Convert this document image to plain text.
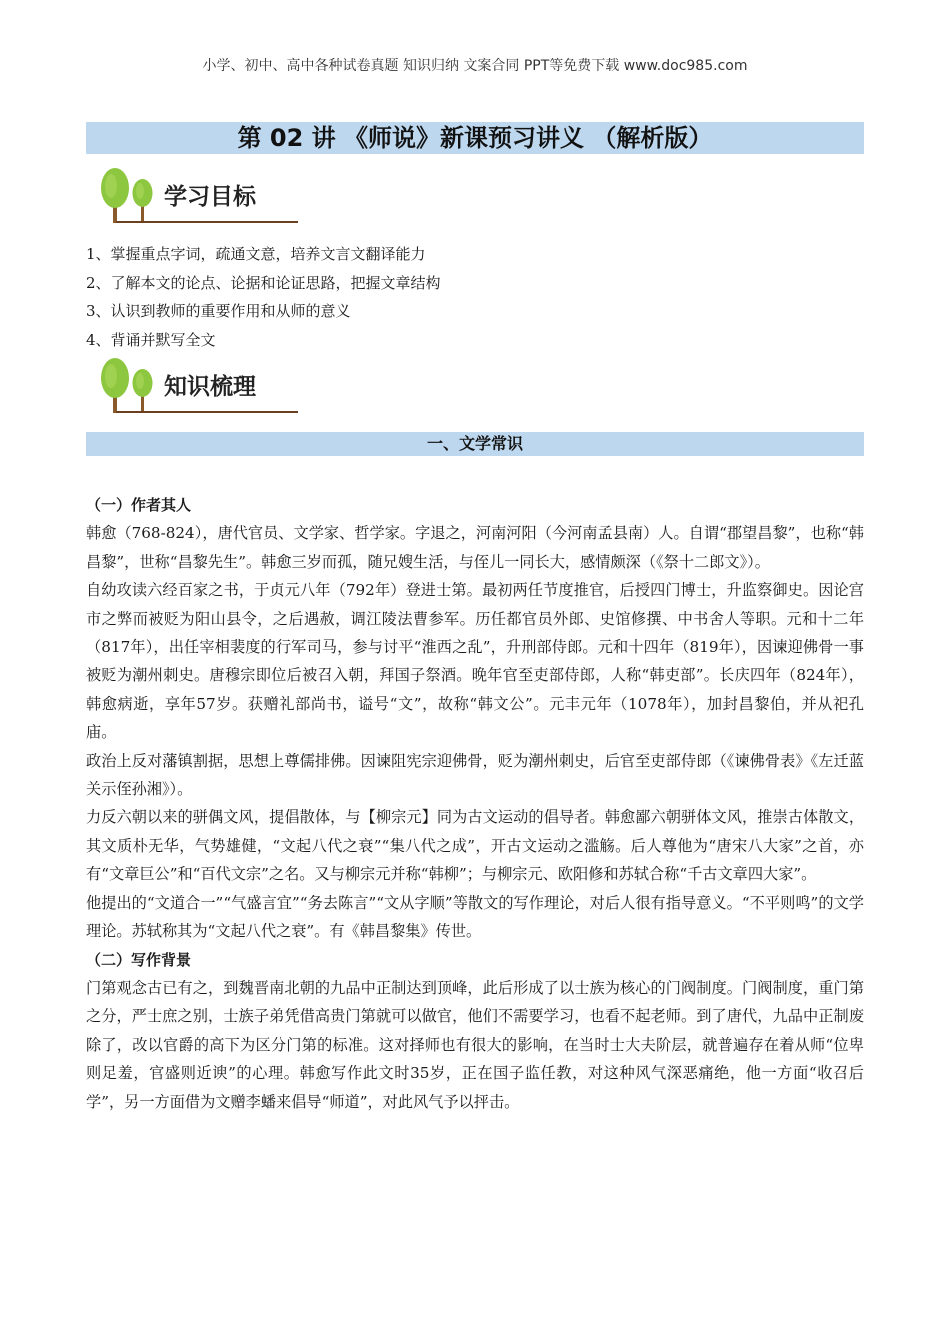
小学、初中、高中各种试卷真题 知识归纳 文案合同 PPT等免费下载 www.doc985.com
第 02 讲 《师说》新课预习讲义 （解析版）
学习目标
1、掌握重点字词，疏通文意，培养文言文翻译能力
2、了解本文的论点、论据和论证思路，把握文章结构
3、认识到教师的重要作用和从师的意义
4、背诵并默写全文
知识梳理
一、文学常识

（一）作者其人

韩愈（768-824），唐代官员、文学家、哲学家。字退之，河南河阳（今河南孟县南）人。自谓“郡望昌黎”，也称“韩昌黎”，世称“昌黎先生”。韩愈三岁而孤，随兄嫂生活，与侄儿一同长大，感情颇深（《祭十二郎文》）。

自幼攻读六经百家之书，于贞元八年（792年）登进士第。最初两任节度推官，后授四门博士，升监察御史。因论宫市之弊而被贬为阳山县令，之后遇赦，调江陵法曹参军。历任都官员外郎、史馆修撰、中书舍人等职。元和十二年（817年），出任宰相裴度的行军司马，参与讨平“淮西之乱”，升刑部侍郎。元和十四年（819年），因谏迎佛骨一事被贬为潮州刺史。唐穆宗即位后被召入朝，拜国子祭酒。晚年官至吏部侍郎，人称“韩吏部”。长庆四年（824年），韩愈病逝，享年57岁。获赠礼部尚书，谥号“文”，故称“韩文公”。元丰元年（1078年），加封昌黎伯，并从祀孔庙。

政治上反对藩镇割据，思想上尊儒排佛。因谏阻宪宗迎佛骨，贬为潮州刺史，后官至吏部侍郎（《谏佛骨表》《左迁蓝关示侄孙湘》）。

力反六朝以来的骈偶文风，提倡散体，与【柳宗元】同为古文运动的倡导者。韩愈鄙六朝骈体文风，推崇古体散文，其文质朴无华，气势雄健，“文起八代之衰”“集八代之成”，开古文运动之滥觞。后人尊他为“唐宋八大家”之首，亦有“文章巨公”和“百代文宗”之名。又与柳宗元并称“韩柳”；与柳宗元、欧阳修和苏轼合称“千古文章四大家”。

他提出的“文道合一”“气盛言宜”“务去陈言”“文从字顺”等散文的写作理论，对后人很有指导意义。“不平则鸣”的文学理论。苏轼称其为“文起八代之衰”。有《韩昌黎集》传世。

（二）写作背景

门第观念古已有之，到魏晋南北朝的九品中正制达到顶峰，此后形成了以士族为核心的门阀制度。门阀制度，重门第之分，严士庶之别，士族子弟凭借高贵门第就可以做官，他们不需要学习，也看不起老师。到了唐代，九品中正制废除了，改以官爵的高下为区分门第的标准。这对择师也有很大的影响，在当时士大夫阶层，就普遍存在着从师“位卑则足羞，官盛则近谀”的心理。韩愈写作此文时35岁，正在国子监任教，对这种风气深恶痛绝，他一方面“收召后学”，另一方面借为文赠李蟠来倡导“师道”，对此风气予以抨击。
